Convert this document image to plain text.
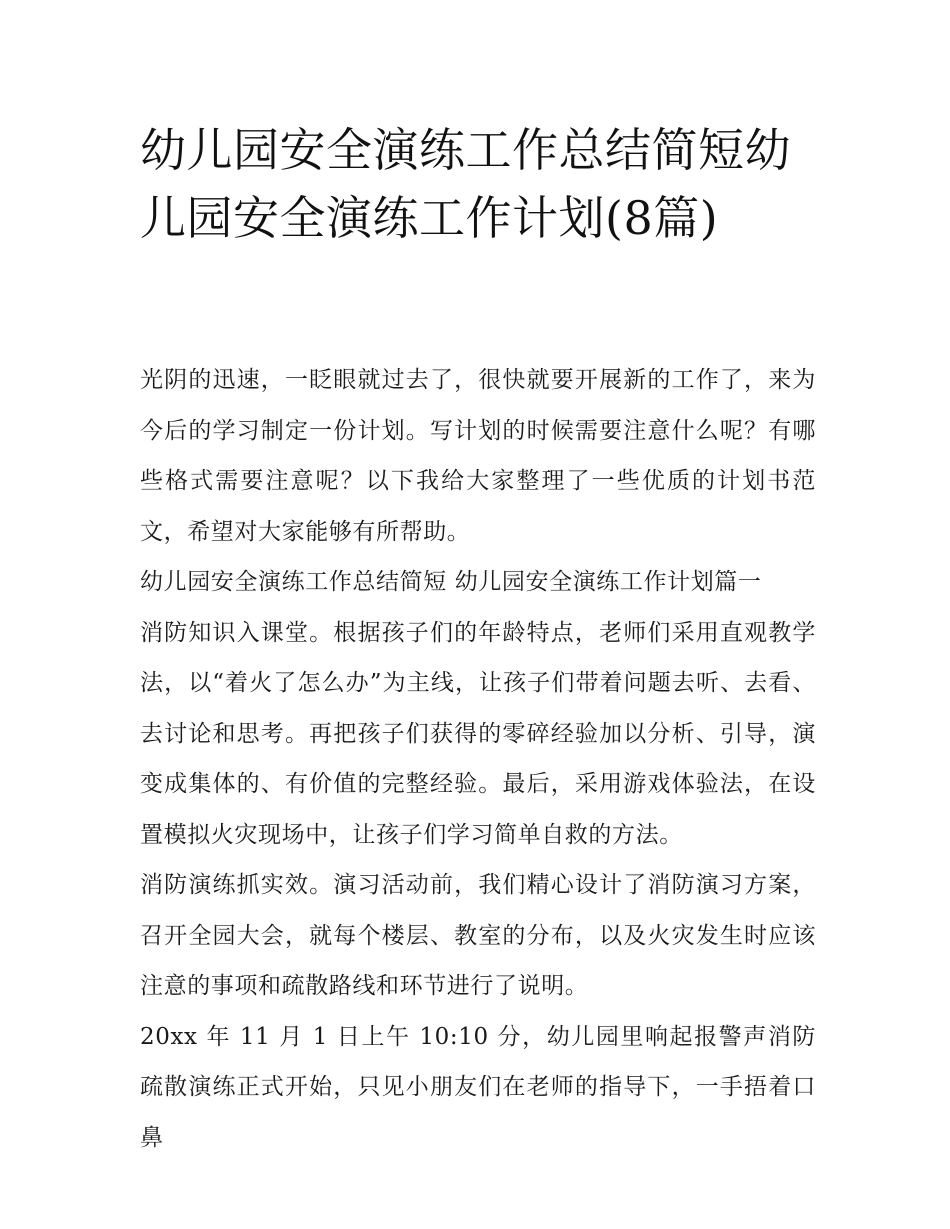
幼儿园安全演练工作总结简短幼儿园安全演练工作计划(8篇)

光阴的迅速，一眨眼就过去了，很快就要开展新的工作了，来为今后的学习制定一份计划。写计划的时候需要注意什么呢？有哪些格式需要注意呢？以下我给大家整理了一些优质的计划书范文，希望对大家能够有所帮助。

幼儿园安全演练工作总结简短 幼儿园安全演练工作计划篇一

消防知识入课堂。根据孩子们的年龄特点，老师们采用直观教学法，以“着火了怎么办”为主线，让孩子们带着问题去听、去看、去讨论和思考。再把孩子们获得的零碎经验加以分析、引导，演变成集体的、有价值的完整经验。最后，采用游戏体验法，在设置模拟火灾现场中，让孩子们学习简单自救的方法。

消防演练抓实效。演习活动前，我们精心设计了消防演习方案，召开全园大会，就每个楼层、教室的分布，以及火灾发生时应该注意的事项和疏散路线和环节进行了说明。

20xx 年 11 月 1 日上午 10:10 分，幼儿园里响起报警声消防疏散演练正式开始，只见小朋友们在老师的指导下，一手捂着口鼻
